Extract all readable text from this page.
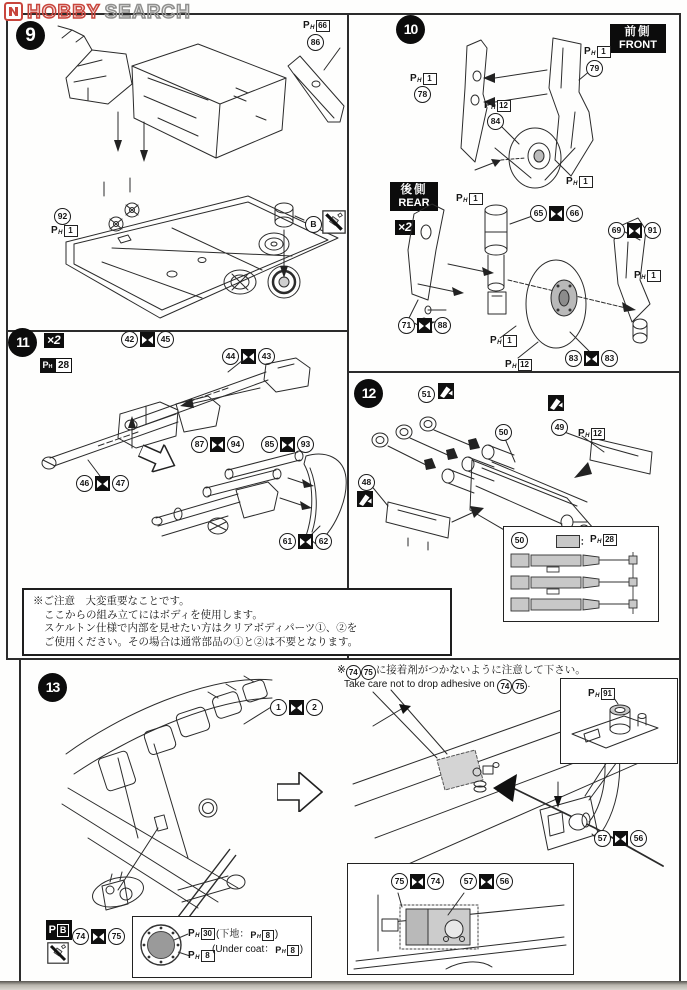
HOBBY SEARCH
9	P H 66
86
92
P H 1
B
10	前側
FRONT
P H 1
78
P H 1
79
P H 12
84
P H 1
後側
REAR
×2
P H 1
65	66
69	91
P H 1
71	88
P H 1
83	83
P H 12
11	×2
P H 28
42	45
44	43
46	47
87	94	85	93
61	62
12	51
50	49
P H 12
48
50	： P H 28
※ご注意　大変重要なことです。
ここからの組み立てにはボディを使用します。
スケルトン仕様で内部を見せたい方はクリアボディパーツ①、②を
ご使用ください。その場合は通常部品の①と②は不要となります。
13
1	2
※ 74 75 に接着剤がつかないように注意して下さい。
Take care not to drop adhesive on 74 75 .
P H 91
57	56
75	74	57	56
P B
74	75	P H 30
P H 8
(下地： P H 8 )
(Under coat： P H 8 )
